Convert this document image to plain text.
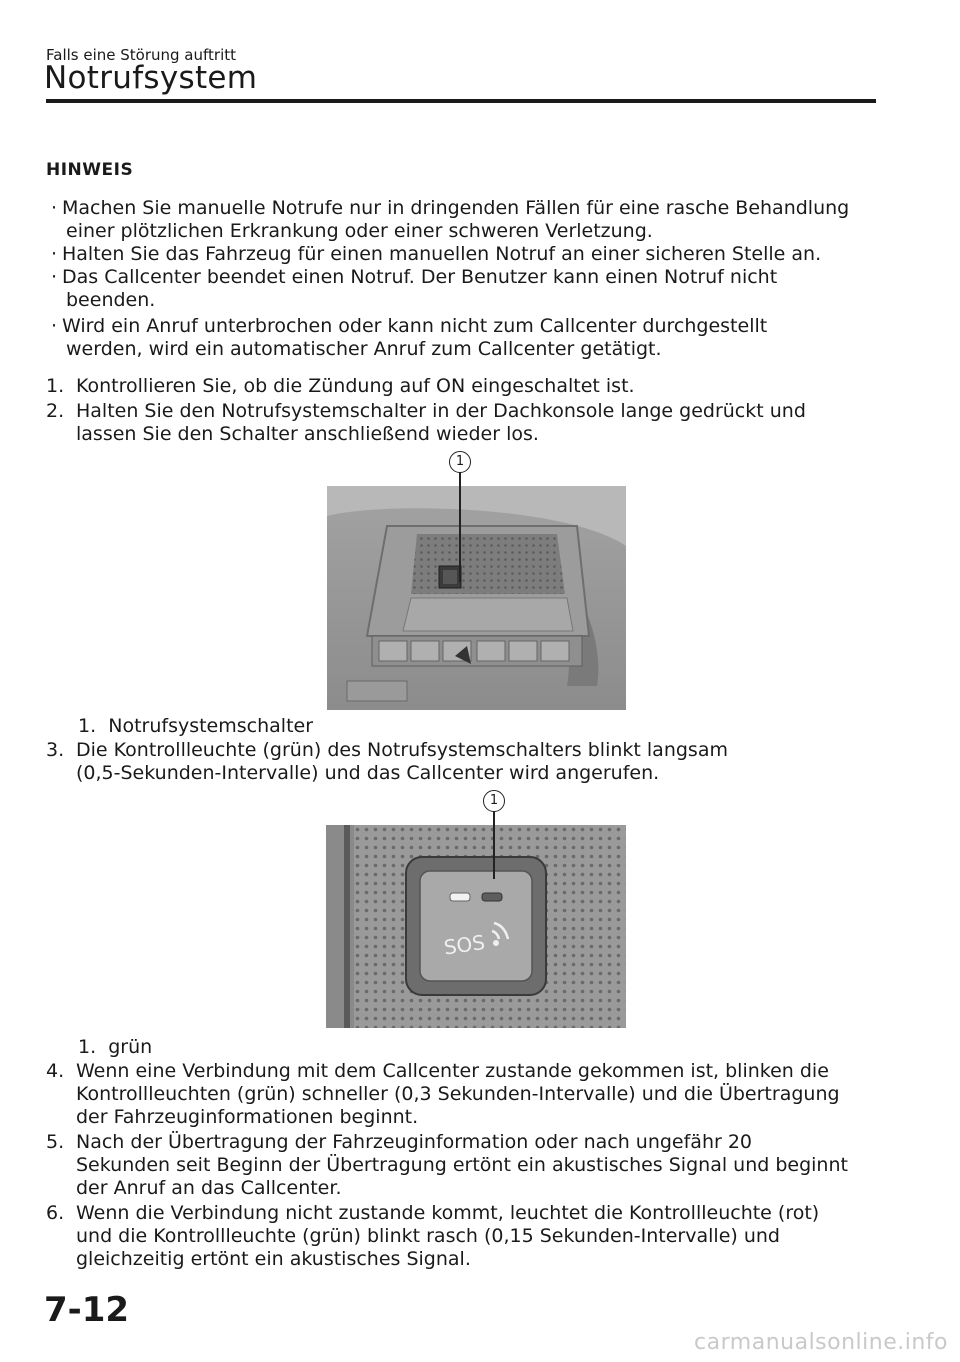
Falls eine Störung auftritt
Notrufsystem
HINWEIS
· Machen Sie manuelle Notrufe nur in dringenden Fällen für eine rasche Behandlung
einer plötzlichen Erkrankung oder einer schweren Verletzung.
· Halten Sie das Fahrzeug für einen manuellen Notruf an einer sicheren Stelle an.
· Das Callcenter beendet einen Notruf. Der Benutzer kann einen Notruf nicht
beenden.
· Wird ein Anruf unterbrochen oder kann nicht zum Callcenter durchgestellt
werden, wird ein automatischer Anruf zum Callcenter getätigt.
1. Kontrollieren Sie, ob die Zündung auf ON eingeschaltet ist.
2. Halten Sie den Notrufsystemschalter in der Dachkonsole lange gedrückt und
lassen Sie den Schalter anschließend wieder los.
1
1. Notrufsystemschalter
3. Die Kontrollleuchte (grün) des Notrufsystemschalters blinkt langsam
(0,5-Sekunden-Intervalle) und das Callcenter wird angerufen.
1
SOS
1. grün
4. Wenn eine Verbindung mit dem Callcenter zustande gekommen ist, blinken die
Kontrollleuchten (grün) schneller (0,3 Sekunden-Intervalle) und die Übertragung
der Fahrzeuginformationen beginnt.
5. Nach der Übertragung der Fahrzeuginformation oder nach ungefähr 20
Sekunden seit Beginn der Übertragung ertönt ein akustisches Signal und beginnt
der Anruf an das Callcenter.
6. Wenn die Verbindung nicht zustande kommt, leuchtet die Kontrollleuchte (rot)
und die Kontrollleuchte (grün) blinkt rasch (0,15 Sekunden-Intervalle) und
gleichzeitig ertönt ein akustisches Signal.
7-12
carmanualsonline.info
